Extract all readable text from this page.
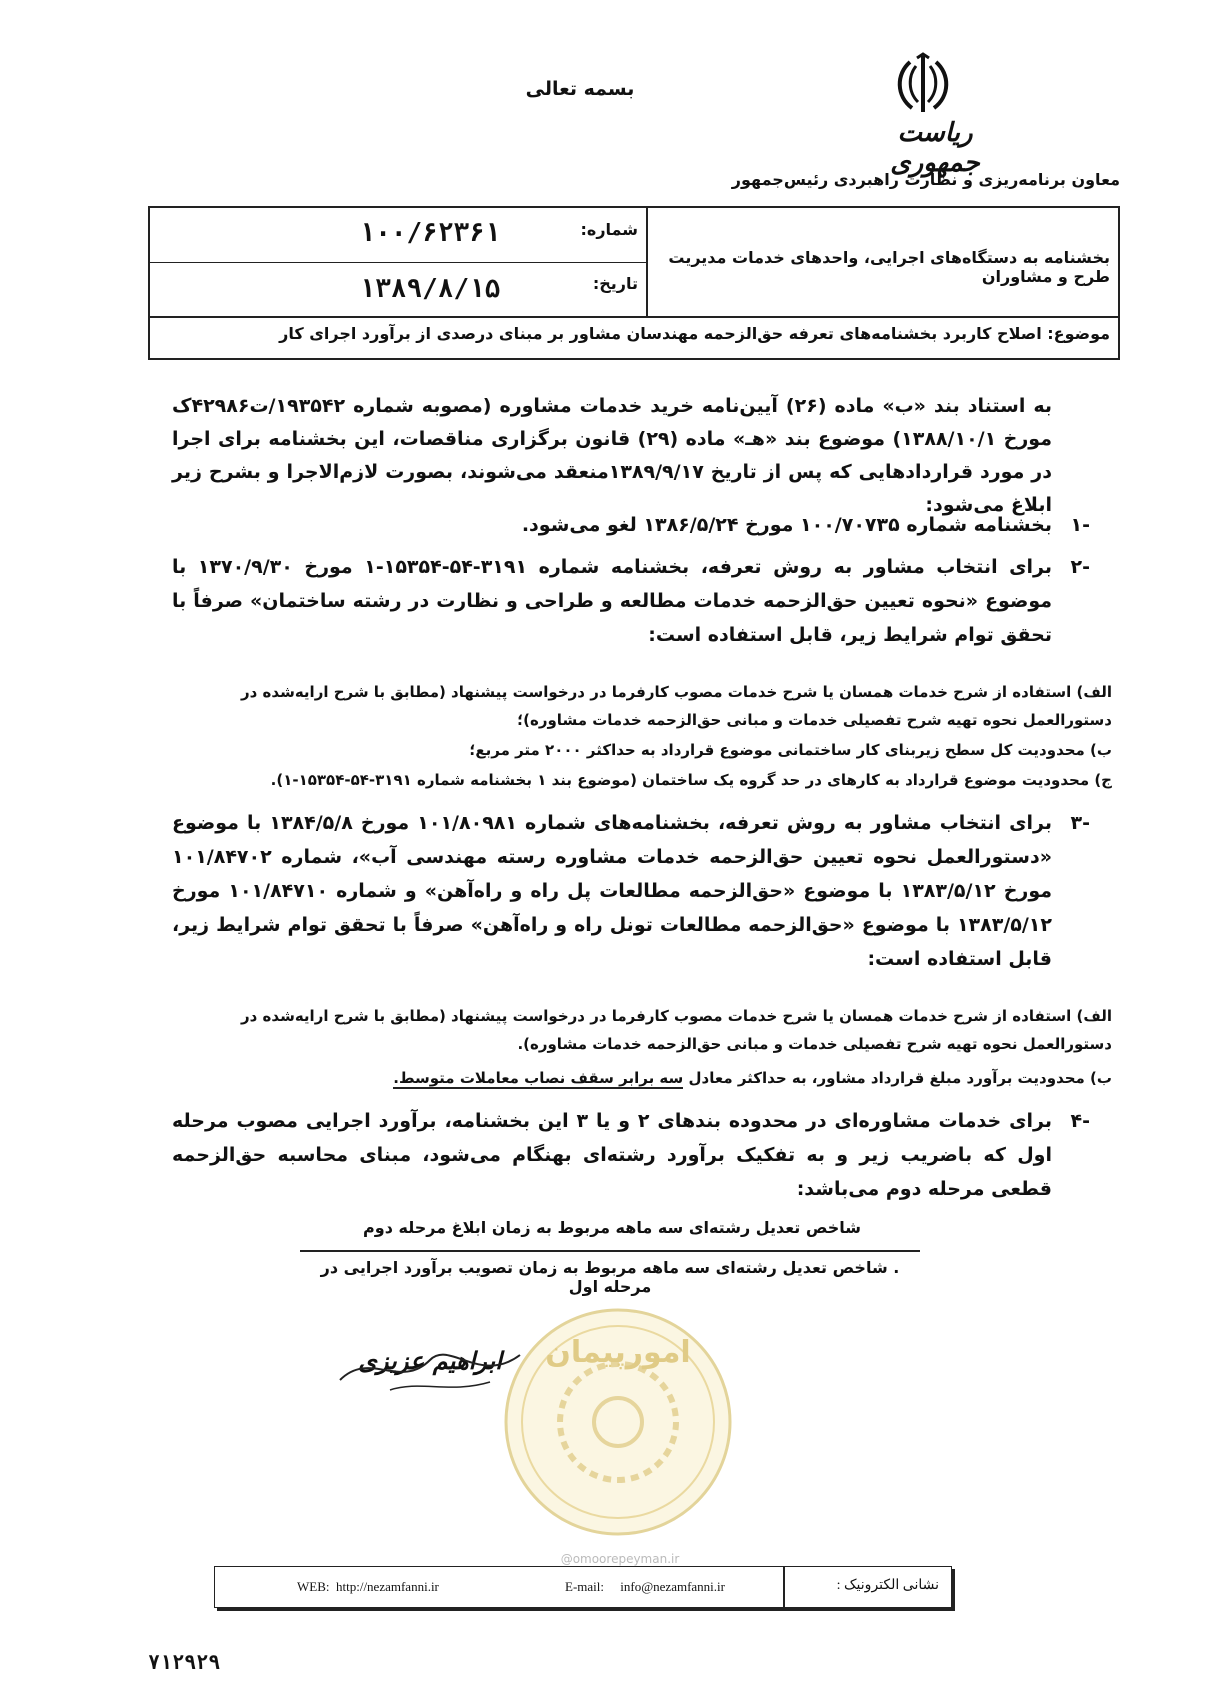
بسمه تعالی
ریاست جمهوری
معاون برنامه‌ریزی و نظارت راهبردی رئیس‌جمهور
شماره:
۱۰۰/۶۲۳۶۱
تاریخ:
۱۳۸۹/۸/۱۵
بخشنامه به دستگاه‌های اجرایی، واحدهای خدمات مدیریت طرح و مشاوران
موضوع: اصلاح کاربرد بخشنامه‌های تعرفه حق‌الزحمه مهندسان مشاور بر مبنای درصدی از برآورد اجرای کار
به استناد بند «ب» ماده (۲۶) آیین‌نامه خرید خدمات مشاوره (مصوبه شماره ۱۹۳۵۴۲/ت۴۲۹۸۶ک مورخ ۱۳۸۸/۱۰/۱) موضوع بند «هـ» ماده (۲۹) قانون برگزاری مناقصات، این بخشنامه برای اجرا در مورد قراردادهایی که پس از تاریخ ۱۳۸۹/۹/۱۷منعقد می‌شوند، بصورت لازم‌الاجرا و بشرح زیر ابلاغ می‌شود:
-۱
بخشنامه شماره ۱۰۰/۷۰۷۳۵ مورخ ۱۳۸۶/۵/۲۴ لغو می‌شود.
-۲
برای انتخاب مشاور به روش تعرفه، بخشنامه شماره ۳۱۹۱-۵۴-۱۵۳۵۴-۱ مورخ ۱۳۷۰/۹/۳۰ با موضوع «نحوه تعیین حق‌الزحمه خدمات مطالعه و طراحی و نظارت در رشته ساختمان» صرفاً با تحقق توام شرایط زیر، قابل استفاده است:
الف) استفاده از شرح خدمات همسان یا شرح خدمات مصوب کارفرما در درخواست پیشنهاد (مطابق با شرح ارایه‌شده در دستورالعمل نحوه تهیه شرح تفصیلی خدمات و مبانی حق‌الزحمه خدمات مشاوره)؛
ب) محدودیت کل سطح زیربنای کار ساختمانی موضوع قرارداد به حداکثر ۲۰۰۰ متر مربع؛
ج) محدودیت موضوع قرارداد به کارهای در حد گروه یک ساختمان (موضوع بند ۱ بخشنامه شماره ۳۱۹۱-۵۴-۱۵۳۵۴-۱).
-۳
برای انتخاب مشاور به روش تعرفه، بخشنامه‌های شماره ۱۰۱/۸۰۹۸۱ مورخ ۱۳۸۴/۵/۸ با موضوع «دستورالعمل نحوه تعیین حق‌الزحمه خدمات مشاوره رسته مهندسی آب»، شماره ۱۰۱/۸۴۷۰۲ مورخ ۱۳۸۳/۵/۱۲ با موضوع «حق‌الزحمه مطالعات پل راه و راه‌آهن» و شماره ۱۰۱/۸۴۷۱۰ مورخ ۱۳۸۳/۵/۱۲ با موضوع «حق‌الزحمه مطالعات تونل راه و راه‌آهن» صرفاً با تحقق توام شرایط زیر، قابل استفاده است:
الف) استفاده از شرح خدمات همسان یا شرح خدمات مصوب کارفرما در درخواست پیشنهاد (مطابق با شرح ارایه‌شده در دستورالعمل نحوه تهیه شرح تفصیلی خدمات و مبانی حق‌الزحمه خدمات مشاوره).
ب) محدودیت برآورد مبلغ قرارداد مشاور، به حداکثر معادل سه برابر سقف نصاب معاملات متوسط.
-۴
برای خدمات مشاوره‌ای در محدوده بندهای ۲ و یا ۳ این بخشنامه، برآورد اجرایی مصوب مرحله اول که باضریب زیر و به تفکیک برآورد رشته‌ای بهنگام می‌شود، مبنای محاسبه حق‌الزحمه قطعی مرحله دوم می‌باشد:
شاخص تعدیل رشته‌ای سه ماهه مربوط به زمان ابلاغ مرحله دوم
. شاخص تعدیل رشته‌ای سه ماهه مربوط به زمان تصویب برآورد اجرایی در مرحله اول
امورپیمان
@omoorepeyman.ir
ابراهیم عزیزی
WEB: http://nezamfanni.ir	E-mail: info@nezamfanni.ir	نشانی الکترونیک :
۷۱۲۹۲۹
